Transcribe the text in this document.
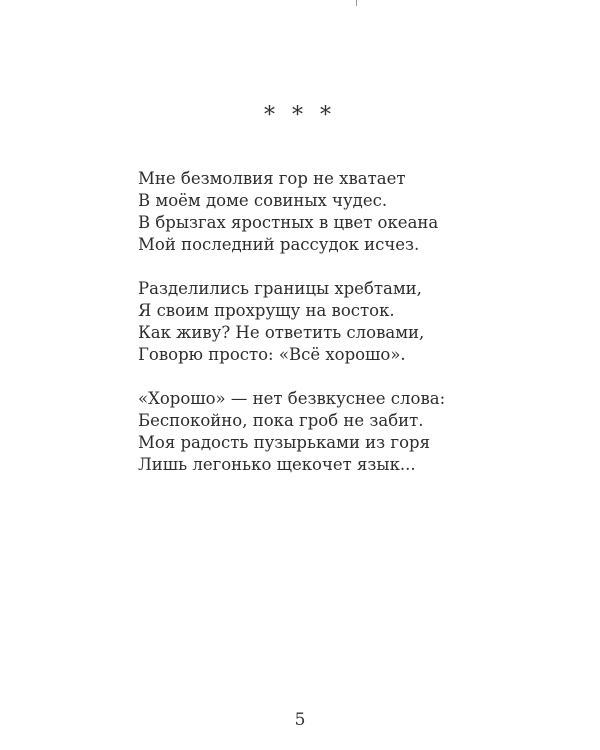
* * *
Мне безмолвия гор не хватает
В моём доме совиных чудес.
В брызгах яростных в цвет океана
Мой последний рассудок исчез.
Разделились границы хребтами,
Я своим прохрущу на восток.
Как живу? Не ответить словами,
Говорю просто: «Всё хорошо».
«Хорошо» — нет безвкуснее слова:
Беспокойно, пока гроб не забит.
Моя радость пузырьками из горя
Лишь легонько щекочет язык...
5
